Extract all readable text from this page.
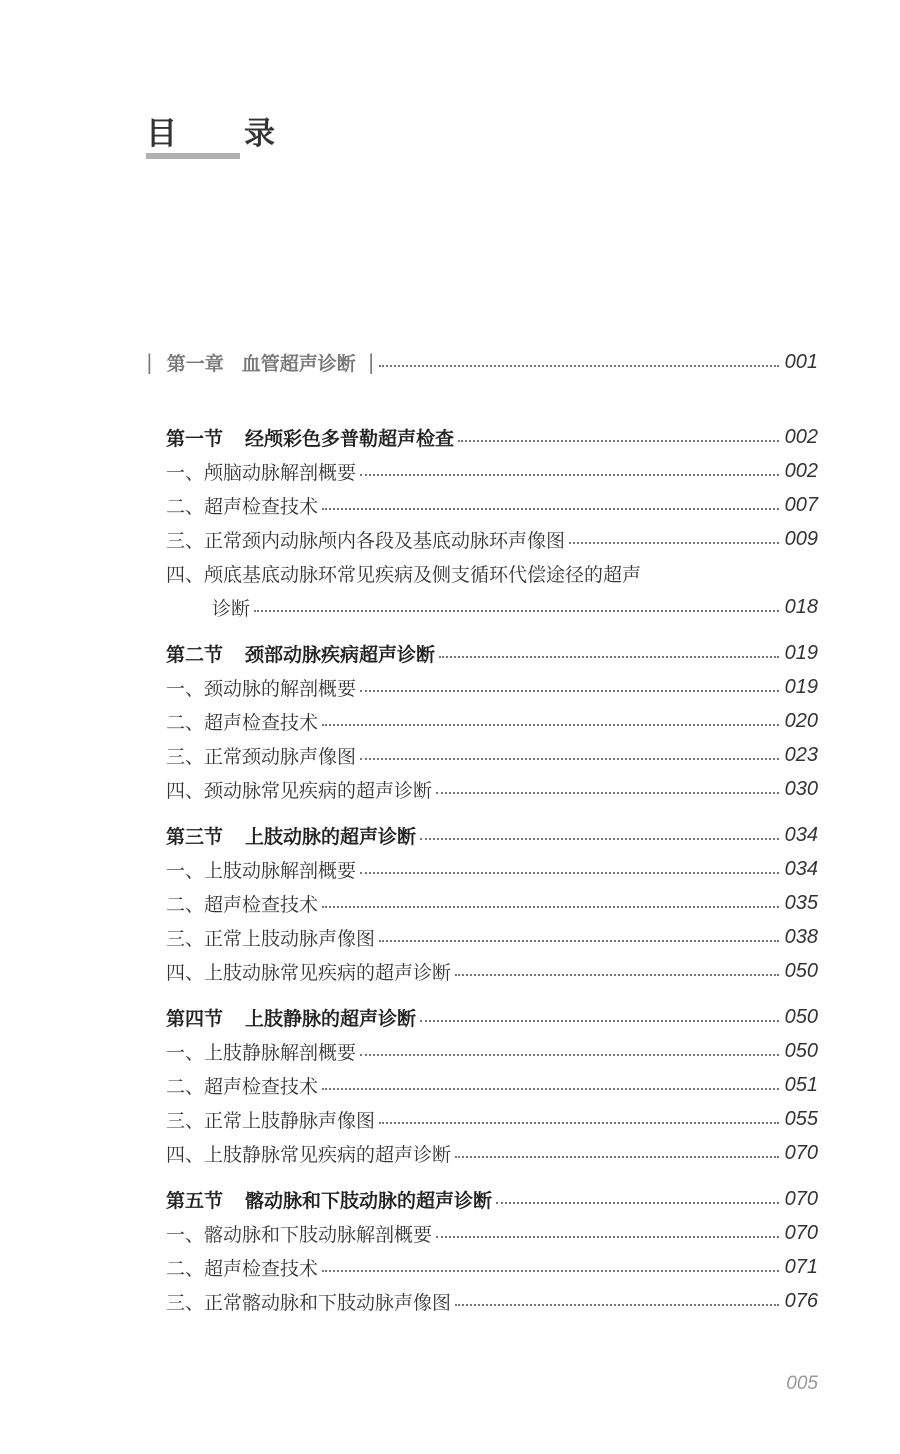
目　录
| 第一章 血管超声诊断 |	001
第一节 经颅彩色多普勒超声检查	002
一、颅脑动脉解剖概要	002
二、超声检查技术	007
三、正常颈内动脉颅内各段及基底动脉环声像图	009
四、颅底基底动脉环常见疾病及侧支循环代偿途径的超声
诊断	018
第二节 颈部动脉疾病超声诊断	019
一、颈动脉的解剖概要	019
二、超声检查技术	020
三、正常颈动脉声像图	023
四、颈动脉常见疾病的超声诊断	030
第三节 上肢动脉的超声诊断	034
一、上肢动脉解剖概要	034
二、超声检查技术	035
三、正常上肢动脉声像图	038
四、上肢动脉常见疾病的超声诊断	050
第四节 上肢静脉的超声诊断	050
一、上肢静脉解剖概要	050
二、超声检查技术	051
三、正常上肢静脉声像图	055
四、上肢静脉常见疾病的超声诊断	070
第五节 髂动脉和下肢动脉的超声诊断	070
一、髂动脉和下肢动脉解剖概要	070
二、超声检查技术	071
三、正常髂动脉和下肢动脉声像图	076
005
